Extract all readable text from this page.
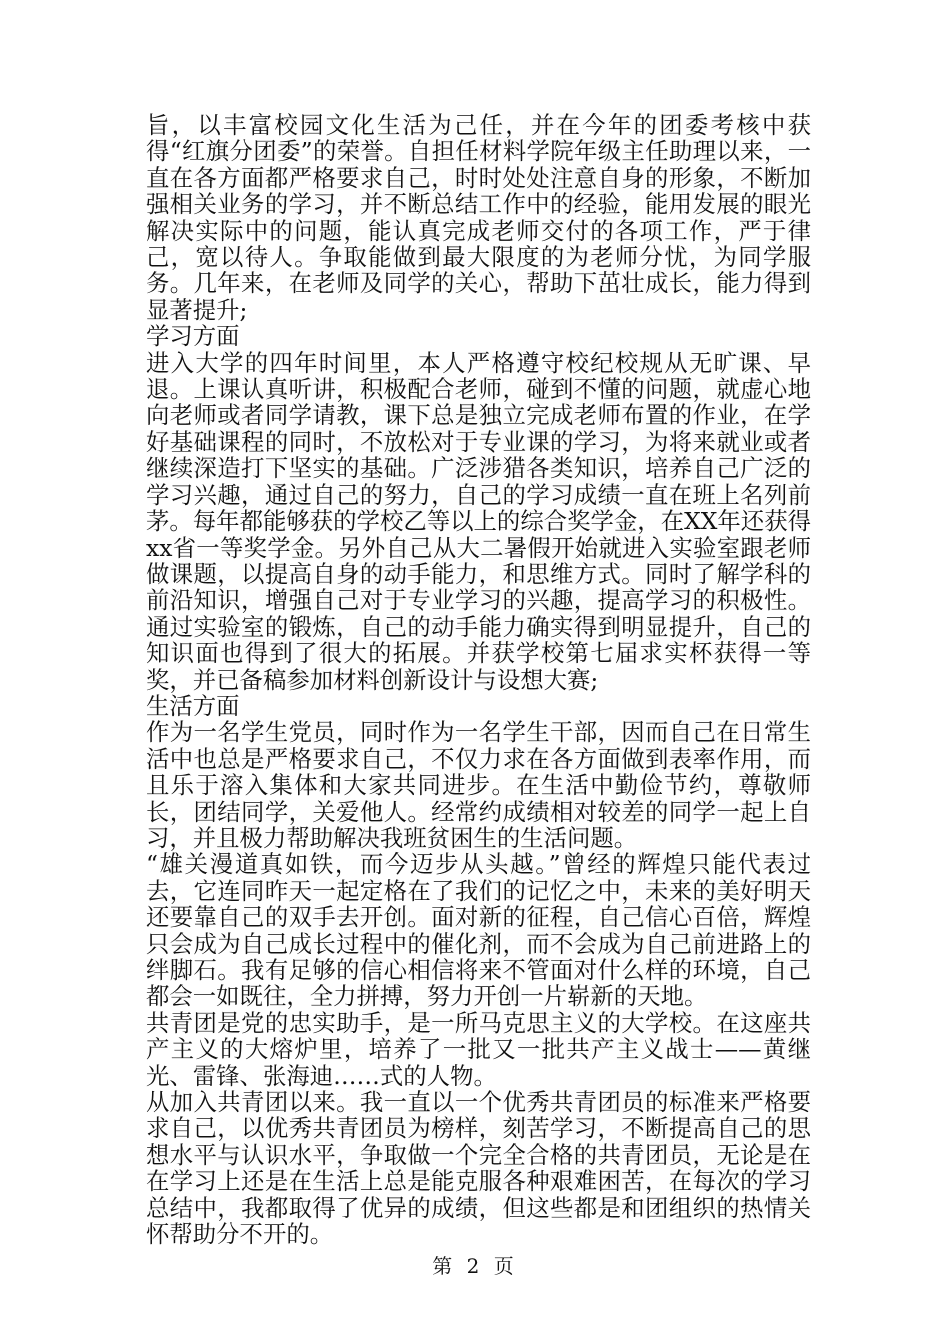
旨，以丰富校园文化生活为己任，并在今年的团委考核中获得“红旗分团委”的荣誉。自担任材料学院年级主任助理以来，一直在各方面都严格要求自己，时时处处注意自身的形象，不断加强相关业务的学习，并不断总结工作中的经验，能用发展的眼光解决实际中的问题，能认真完成老师交付的各项工作，严于律己，宽以待人。争取能做到最大限度的为老师分忧，为同学服务。几年来，在老师及同学的关心，帮助下茁壮成长，能力得到显著提升;

学习方面

进入大学的四年时间里，本人严格遵守校纪校规从无旷课、早退。上课认真听讲，积极配合老师，碰到不懂的问题，就虚心地向老师或者同学请教，课下总是独立完成老师布置的作业，在学好基础课程的同时，不放松对于专业课的学习，为将来就业或者继续深造打下坚实的基础。广泛涉猎各类知识，培养自己广泛的学习兴趣，通过自己的努力，自己的学习成绩一直在班上名列前茅。每年都能够获的学校乙等以上的综合奖学金，在XX年还获得xx省一等奖学金。另外自己从大二暑假开始就进入实验室跟老师做课题，以提高自身的动手能力，和思维方式。同时了解学科的前沿知识，增强自己对于专业学习的兴趣，提高学习的积极性。通过实验室的锻炼，自己的动手能力确实得到明显提升，自己的知识面也得到了很大的拓展。并获学校第七届求实杯获得一等奖，并已备稿参加材料创新设计与设想大赛;

生活方面

作为一名学生党员，同时作为一名学生干部，因而自己在日常生活中也总是严格要求自己，不仅力求在各方面做到表率作用，而且乐于溶入集体和大家共同进步。在生活中勤俭节约，尊敬师长，团结同学，关爱他人。经常约成绩相对较差的同学一起上自习，并且极力帮助解决我班贫困生的生活问题。

“雄关漫道真如铁，而今迈步从头越。”曾经的辉煌只能代表过去，它连同昨天一起定格在了我们的记忆之中，未来的美好明天还要靠自己的双手去开创。面对新的征程，自己信心百倍，辉煌只会成为自己成长过程中的催化剂，而不会成为自己前进路上的绊脚石。我有足够的信心相信将来不管面对什么样的环境，自己都会一如既往，全力拼搏，努力开创一片崭新的天地。

共青团是党的忠实助手，是一所马克思主义的大学校。在这座共产主义的大熔炉里，培养了一批又一批共产主义战士——黄继光、雷锋、张海迪……式的人物。

从加入共青团以来。我一直以一个优秀共青团员的标准来严格要求自己，以优秀共青团员为榜样，刻苦学习，不断提高自己的思想水平与认识水平，争取做一个完全合格的共青团员，无论是在在学习上还是在生活上总是能克服各种艰难困苦，在每次的学习总结中，我都取得了优异的成绩，但这些都是和团组织的热情关怀帮助分不开的。

第 2 页
